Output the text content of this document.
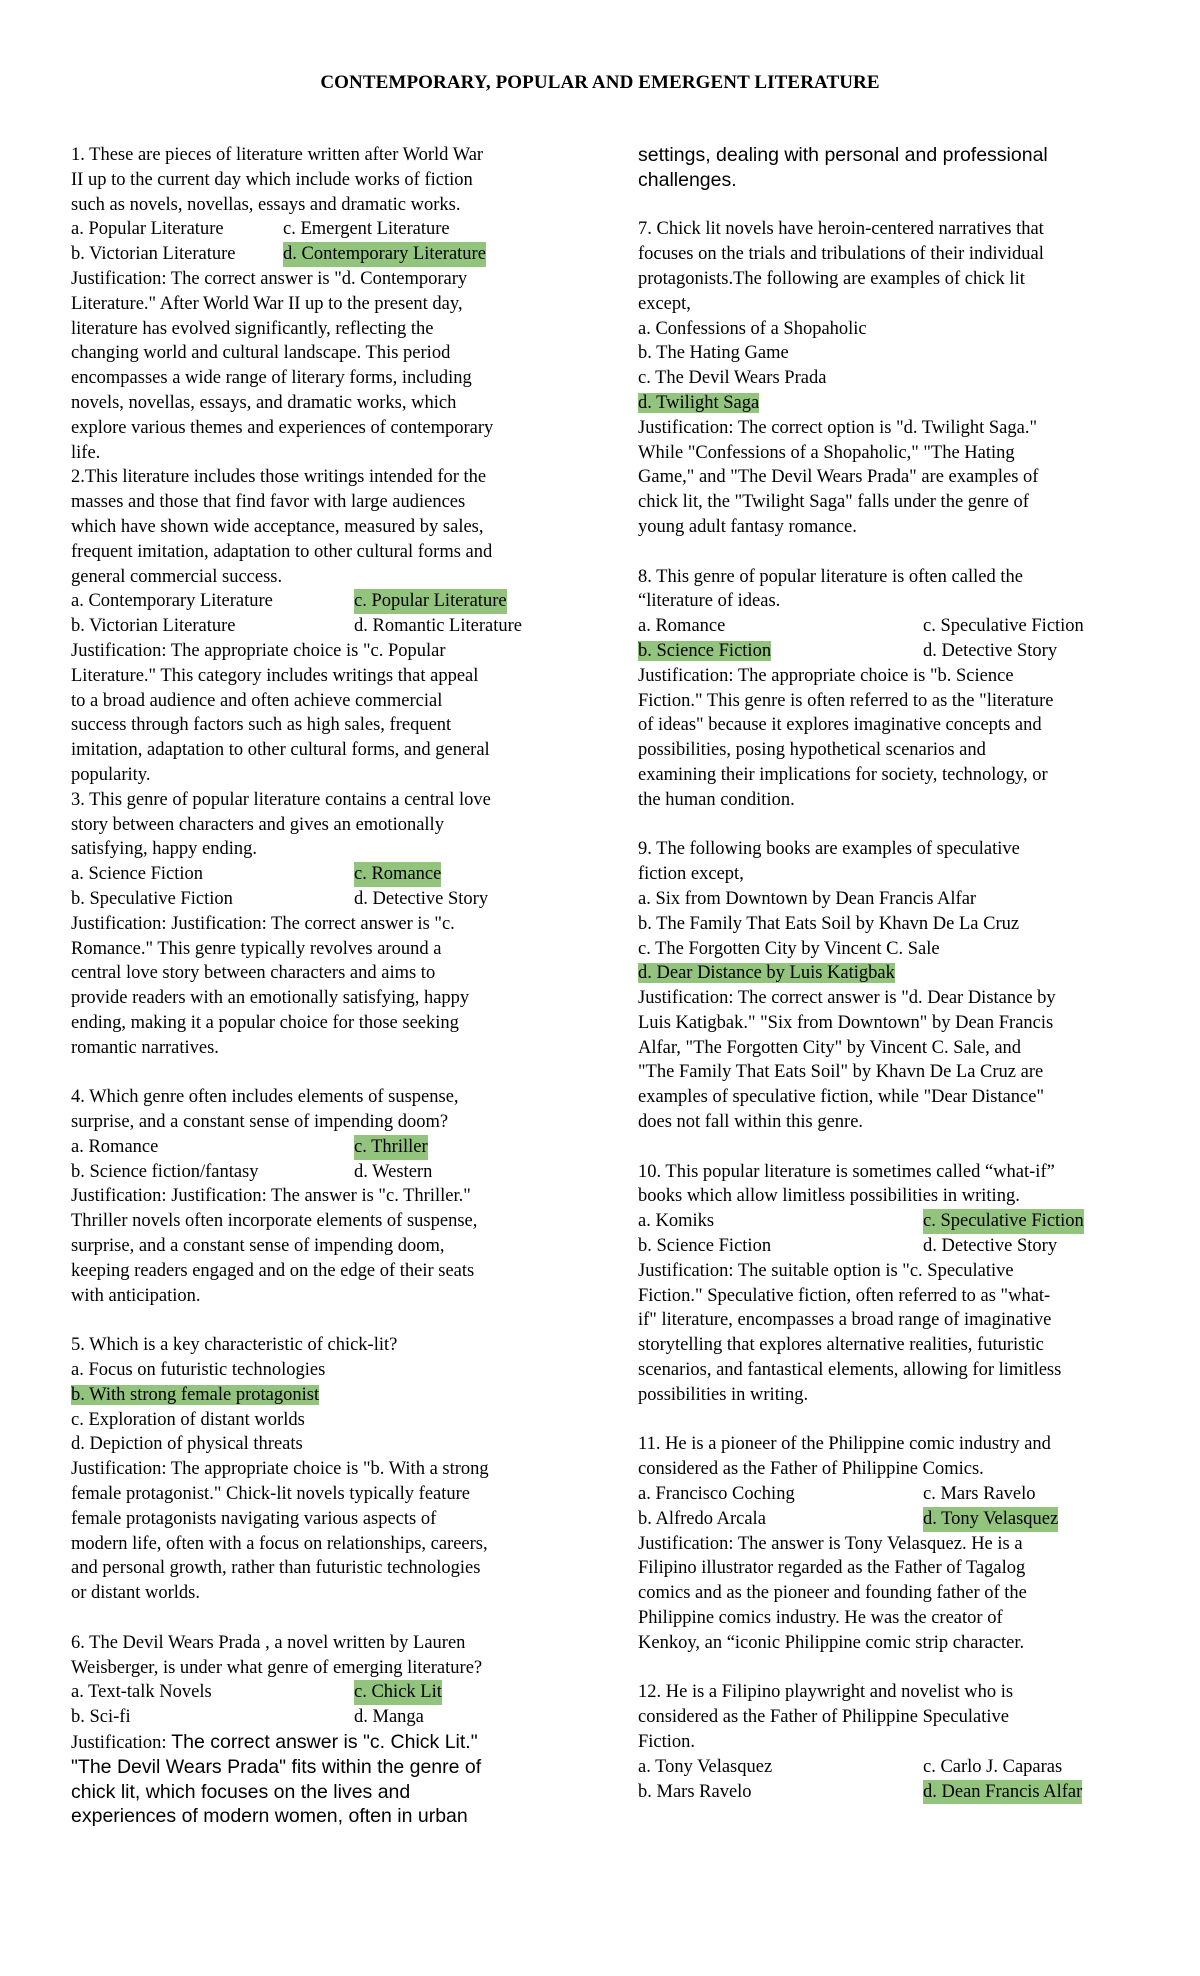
CONTEMPORARY, POPULAR AND EMERGENT LITERATURE
1. These are pieces of literature written after World War
II up to the current day which include works of fiction
such as novels, novellas, essays and dramatic works.
a. Popular Literature	c. Emergent Literature
b. Victorian Literature	d. Contemporary Literature
Justification: The correct answer is "d. Contemporary
Literature." After World War II up to the present day,
literature has evolved significantly, reflecting the
changing world and cultural landscape. This period
encompasses a wide range of literary forms, including
novels, novellas, essays, and dramatic works, which
explore various themes and experiences of contemporary
life.
2.This literature includes those writings intended for the
masses and those that find favor with large audiences
which have shown wide acceptance, measured by sales,
frequent imitation, adaptation to other cultural forms and
general commercial success.
a. Contemporary Literature	c. Popular Literature
b. Victorian Literature	d. Romantic Literature
Justification: The appropriate choice is "c. Popular
Literature." This category includes writings that appeal
to a broad audience and often achieve commercial
success through factors such as high sales, frequent
imitation, adaptation to other cultural forms, and general
popularity.
3. This genre of popular literature contains a central love
story between characters and gives an emotionally
satisfying, happy ending.
a. Science Fiction	c. Romance
b. Speculative Fiction	d. Detective Story
Justification: Justification: The correct answer is "c.
Romance." This genre typically revolves around a
central love story between characters and aims to
provide readers with an emotionally satisfying, happy
ending, making it a popular choice for those seeking
romantic narratives.
4. Which genre often includes elements of suspense,
surprise, and a constant sense of impending doom?
a. Romance	c. Thriller
b. Science fiction/fantasy	d. Western
Justification: Justification: The answer is "c. Thriller."
Thriller novels often incorporate elements of suspense,
surprise, and a constant sense of impending doom,
keeping readers engaged and on the edge of their seats
with anticipation.
5. Which is a key characteristic of chick-lit?
a. Focus on futuristic technologies
b. With strong female protagonist
c. Exploration of distant worlds
d. Depiction of physical threats
Justification: The appropriate choice is "b. With a strong
female protagonist." Chick-lit novels typically feature
female protagonists navigating various aspects of
modern life, often with a focus on relationships, careers,
and personal growth, rather than futuristic technologies
or distant worlds.
6. The Devil Wears Prada , a novel written by Lauren
Weisberger, is under what genre of emerging literature?
a. Text-talk Novels	c. Chick Lit
b. Sci-fi	d. Manga
Justification: The correct answer is "c. Chick Lit."
"The Devil Wears Prada" fits within the genre of
chick lit, which focuses on the lives and
experiences of modern women, often in urban
settings, dealing with personal and professional
challenges.
7. Chick lit novels have heroin-centered narratives that
focuses on the trials and tribulations of their individual
protagonists.The following are examples of chick lit
except,
a. Confessions of a Shopaholic
b. The Hating Game
c. The Devil Wears Prada
d. Twilight Saga
Justification: The correct option is "d. Twilight Saga."
While "Confessions of a Shopaholic," "The Hating
Game," and "The Devil Wears Prada" are examples of
chick lit, the "Twilight Saga" falls under the genre of
young adult fantasy romance.
8. This genre of popular literature is often called the
“literature of ideas.
a. Romance	c. Speculative Fiction
b. Science Fiction	d. Detective Story
Justification: The appropriate choice is "b. Science
Fiction." This genre is often referred to as the "literature
of ideas" because it explores imaginative concepts and
possibilities, posing hypothetical scenarios and
examining their implications for society, technology, or
the human condition.
9. The following books are examples of speculative
fiction except,
a. Six from Downtown by Dean Francis Alfar
b. The Family That Eats Soil by Khavn De La Cruz
c. The Forgotten City by Vincent C. Sale
d. Dear Distance by Luis Katigbak
Justification: The correct answer is "d. Dear Distance by
Luis Katigbak." "Six from Downtown" by Dean Francis
Alfar, "The Forgotten City" by Vincent C. Sale, and
"The Family That Eats Soil" by Khavn De La Cruz are
examples of speculative fiction, while "Dear Distance"
does not fall within this genre.
10. This popular literature is sometimes called “what-if”
books which allow limitless possibilities in writing.
a. Komiks	c. Speculative Fiction
b. Science Fiction	d. Detective Story
Justification: The suitable option is "c. Speculative
Fiction." Speculative fiction, often referred to as "what-
if" literature, encompasses a broad range of imaginative
storytelling that explores alternative realities, futuristic
scenarios, and fantastical elements, allowing for limitless
possibilities in writing.
11. He is a pioneer of the Philippine comic industry and
considered as the Father of Philippine Comics.
a. Francisco Coching	c. Mars Ravelo
b. Alfredo Arcala	d. Tony Velasquez
Justification: The answer is Tony Velasquez. He is a
Filipino illustrator regarded as the Father of Tagalog
comics and as the pioneer and founding father of the
Philippine comics industry. He was the creator of
Kenkoy, an “iconic Philippine comic strip character.
12. He is a Filipino playwright and novelist who is
considered as the Father of Philippine Speculative
Fiction.
a. Tony Velasquez	c. Carlo J. Caparas
b. Mars Ravelo	d. Dean Francis Alfar
